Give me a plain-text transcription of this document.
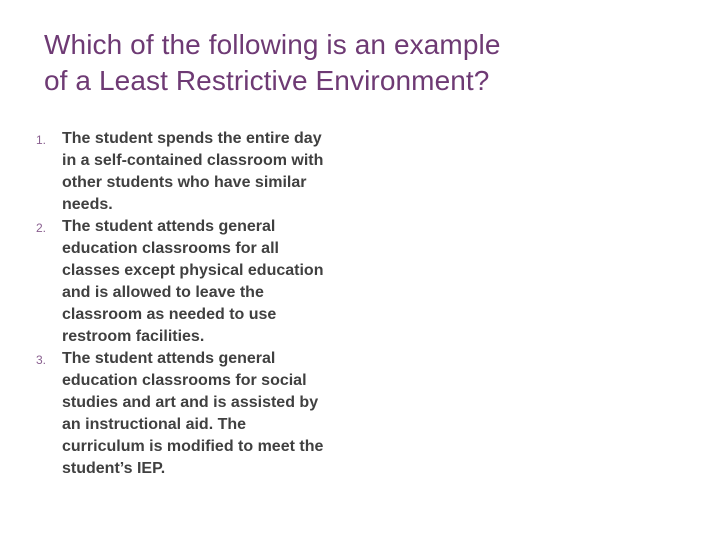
Which of the following is an example
of a Least Restrictive Environment?
1. The student spends the entire day
in a self-contained classroom with
other students who have similar
needs.
2. The student attends general
education classrooms for all
classes except physical education
and is allowed to leave the
classroom as needed to use
restroom facilities.
3. The student attends general
education classrooms for social
studies and art and is assisted by
an instructional aid. The
curriculum is modified to meet the
student’s IEP.
